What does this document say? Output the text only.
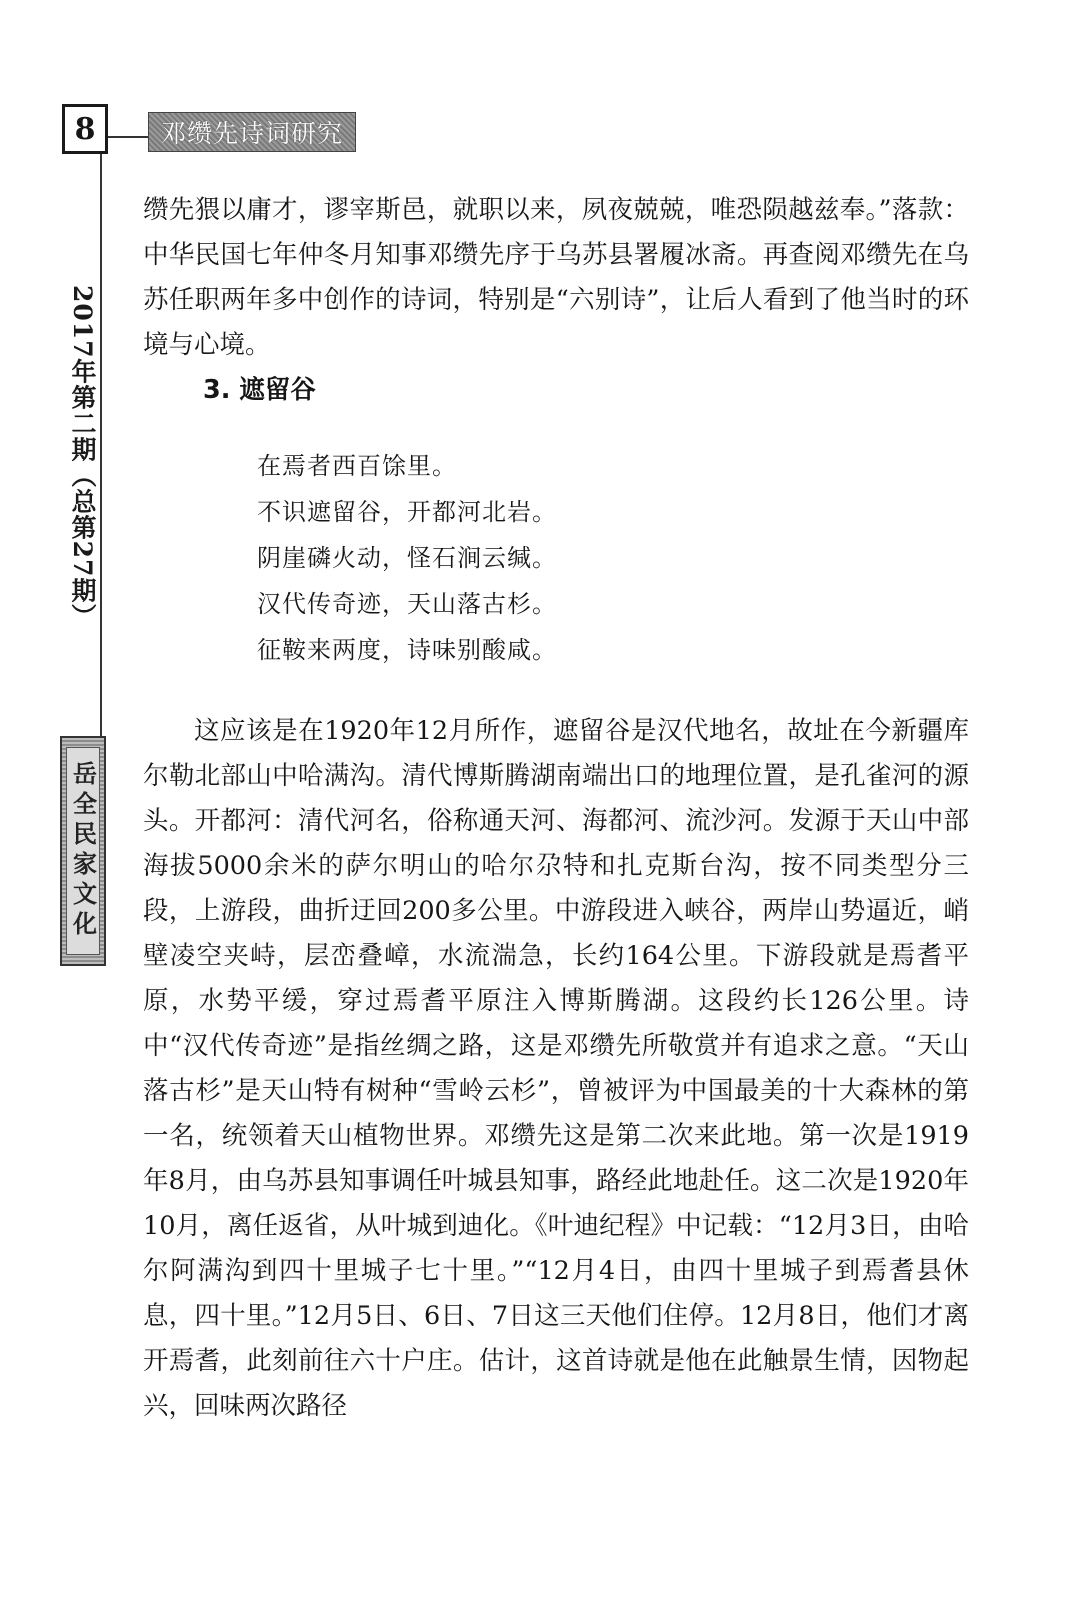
8	邓缵先诗词研究
2017年第二期（总第27期）
岳全民家文化

缵先猥以庸才，谬宰斯邑，就职以来，夙夜兢兢，唯恐陨越兹奉。”落款：中华民国七年仲冬月知事邓缵先序于乌苏县署履冰斋。再查阅邓缵先在乌苏任职两年多中创作的诗词，特别是“六别诗”，让后人看到了他当时的环境与心境。

3. 遮留谷
在焉者西百馀里。
不识遮留谷，开都河北岩。
阴崖磷火动，怪石涧云缄。
汉代传奇迹，天山落古杉。
征鞍来两度，诗味别酸咸。

这应该是在1920年12月所作，遮留谷是汉代地名，故址在今新疆库尔勒北部山中哈满沟。清代博斯腾湖南端出口的地理位置，是孔雀河的源头。开都河：清代河名，俗称通天河、海都河、流沙河。发源于天山中部海拔5000余米的萨尔明山的哈尔尕特和扎克斯台沟，按不同类型分三段，上游段，曲折迂回200多公里。中游段进入峡谷，两岸山势逼近，峭壁凌空夹峙，层峦叠嶂，水流湍急，长约164公里。下游段就是焉耆平原，水势平缓，穿过焉耆平原注入博斯腾湖。这段约长126公里。诗中“汉代传奇迹”是指丝绸之路，这是邓缵先所敬赏并有追求之意。“天山落古杉”是天山特有树种“雪岭云杉”，曾被评为中国最美的十大森林的第一名，统领着天山植物世界。邓缵先这是第二次来此地。第一次是1919年8月，由乌苏县知事调任叶城县知事，路经此地赴任。这二次是1920年10月，离任返省，从叶城到迪化。《叶迪纪程》中记载：“12月3日，由哈尔阿满沟到四十里城子七十里。”“12月4日，由四十里城子到焉耆县休息，四十里。”12月5日、6日、7日这三天他们住停。12月8日，他们才离开焉耆，此刻前往六十户庄。估计，这首诗就是他在此触景生情，因物起兴，回味两次路径
